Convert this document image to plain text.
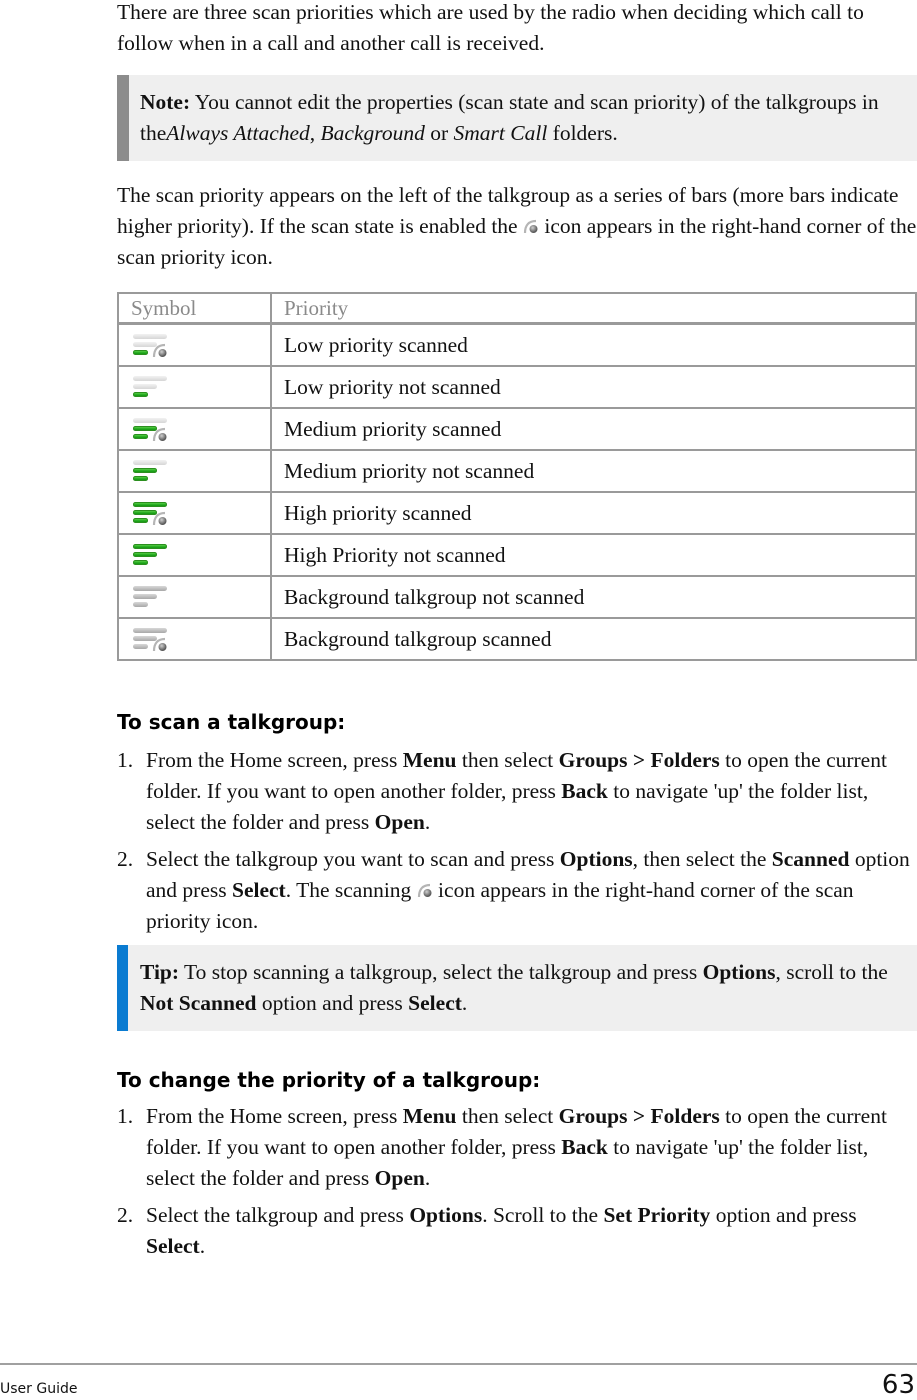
There are three scan priorities which are used by the radio when deciding which call to follow when in a call and another call is received.

Note: You cannot edit the properties (scan state and scan priority) of the talkgroups in theAlways Attached, Background or Smart Call folders.

The scan priority appears on the left of the talkgroup as a series of bars (more bars indicate higher priority). If the scan state is enabled the  icon appears in the right-hand corner of the scan priority icon.

Symbol	Priority

	Low priority scanned

	Low priority not scanned

	Medium priority scanned

	Medium priority not scanned

	High priority scanned

	High Priority not scanned

	Background talkgroup not scanned

	Background talkgroup scanned
To scan a talkgroup:
1. From the Home screen, press Menu then select Groups > Folders to open the current folder. If you want to open another folder, press Back to navigate 'up' the folder list, select the folder and press Open.
2. Select the talkgroup you want to scan and press Options, then select the Scanned option and press Select. The scanning  icon appears in the right-hand corner of the scan priority icon.
Tip: To stop scanning a talkgroup, select the talkgroup and press Options, scroll to the Not Scanned option and press Select.
To change the priority of a talkgroup:
1. From the Home screen, press Menu then select Groups > Folders to open the current folder. If you want to open another folder, press Back to navigate 'up' the folder list, select the folder and press Open.
2. Select the talkgroup and press Options. Scroll to the Set Priority option and press Select.
User Guide	63
